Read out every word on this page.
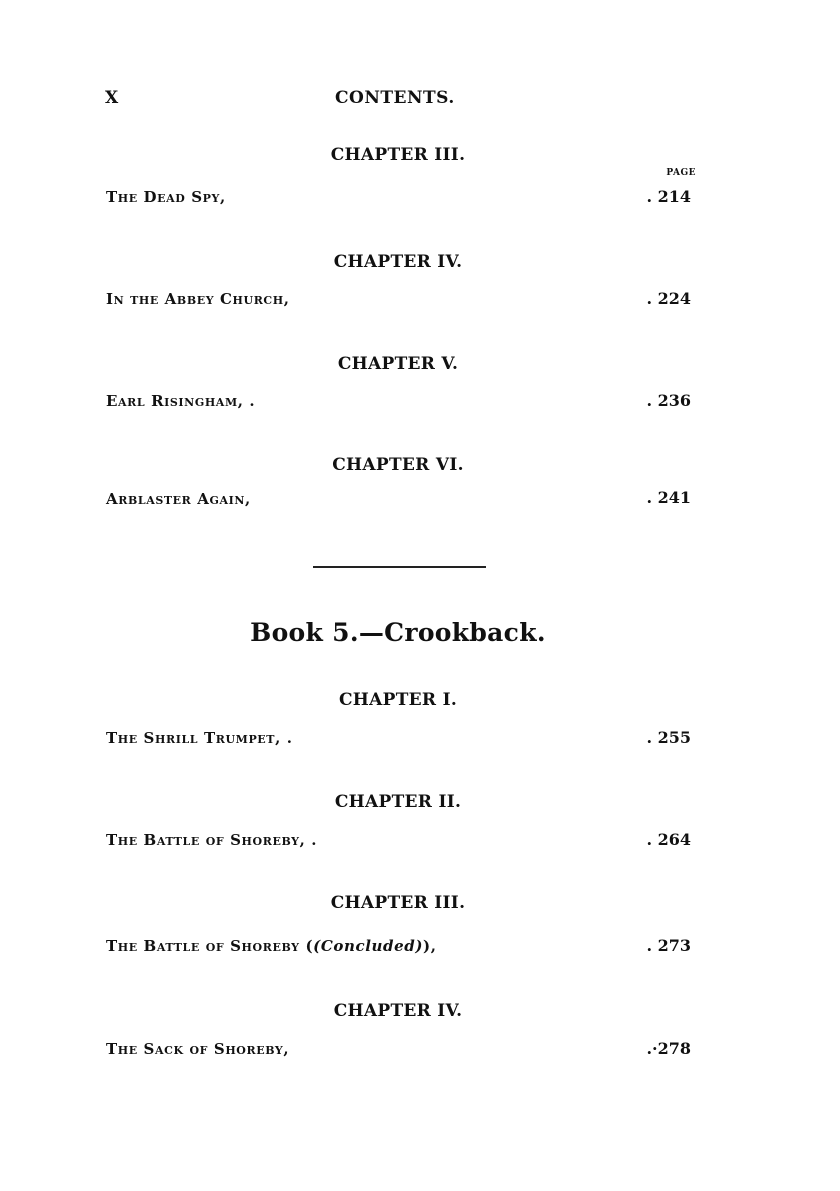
X	CONTENTS.
CHAPTER III.
PAGE
The Dead Spy,	. 214
CHAPTER IV.
In the Abbey Church,	. 224
CHAPTER V.
Earl Risingham, .	. 236
CHAPTER VI.
Arblaster Again,	. 241
Book 5.—Crookback.
CHAPTER I.
The Shrill Trumpet, .	. 255
CHAPTER II.
The Battle of Shoreby, .	. 264
CHAPTER III.
The Battle of Shoreby ((Concluded)),	. 273
CHAPTER IV.
The Sack of Shoreby,	.·278
